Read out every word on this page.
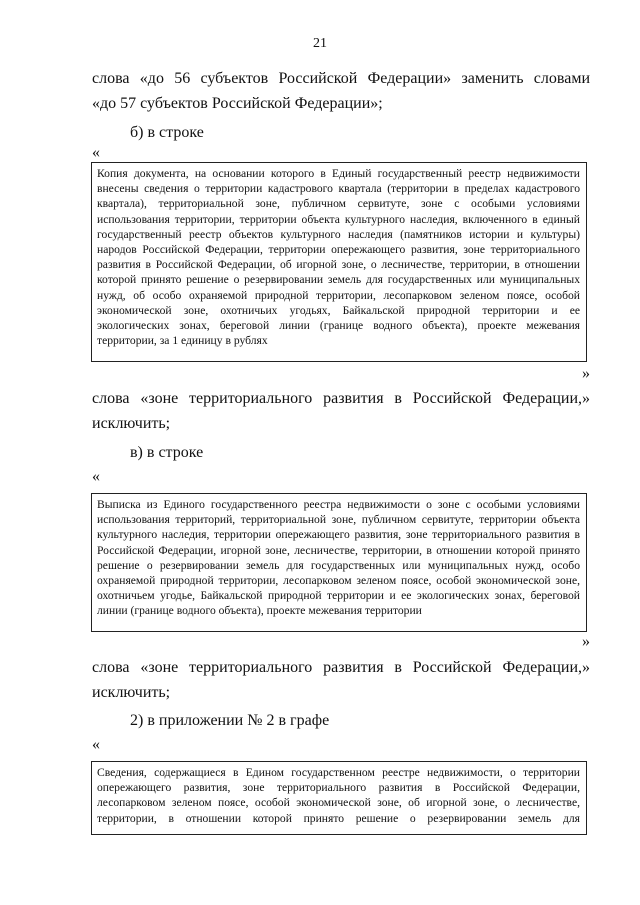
21
слова «до 56 субъектов Российской Федерации» заменить словами
«до 57 субъектов Российской Федерации»;
б) в строке
«
Копия документа, на основании которого в Единый государственный реестр недвижимости
внесены сведения о территории кадастрового квартала (территории в пределах кадастрового
квартала), территориальной зоне, публичном сервитуте, зоне с особыми условиями
использования территории, территории объекта культурного наследия, включенного в единый
государственный реестр объектов культурного наследия (памятников истории и культуры)
народов Российской Федерации, территории опережающего развития, зоне территориального
развития в Российской Федерации, об игорной зоне, о лесничестве, территории, в отношении
которой принято решение о резервировании земель для государственных или муниципальных
нужд, об особо охраняемой природной территории, лесопарковом зеленом поясе, особой
экономической зоне, охотничьих угодьях, Байкальской природной территории и ее
экологических зонах, береговой линии (границе водного объекта), проекте межевания
территории, за 1 единицу в рублях
»
слова «зоне территориального развития в Российской Федерации,»
исключить;
в) в строке
«
Выписка из Единого государственного реестра недвижимости о зоне с особыми условиями
использования территорий, территориальной зоне, публичном сервитуте, территории объекта
культурного наследия, территории опережающего развития, зоне территориального развития в
Российской Федерации, игорной зоне, лесничестве, территории, в отношении которой принято
решение о резервировании земель для государственных или муниципальных нужд, особо
охраняемой природной территории, лесопарковом зеленом поясе, особой экономической зоне,
охотничьем угодье, Байкальской природной территории и ее экологических зонах, береговой
линии (границе водного объекта), проекте межевания территории
»
слова «зоне территориального развития в Российской Федерации,»
исключить;
2) в приложении № 2 в графе
«
Сведения, содержащиеся в Едином государственном реестре недвижимости, о территории
опережающего развития, зоне территориального развития в Российской Федерации,
лесопарковом зеленом поясе, особой экономической зоне, об игорной зоне, о лесничестве,
территории, в отношении которой принято решение о резервировании земель для
